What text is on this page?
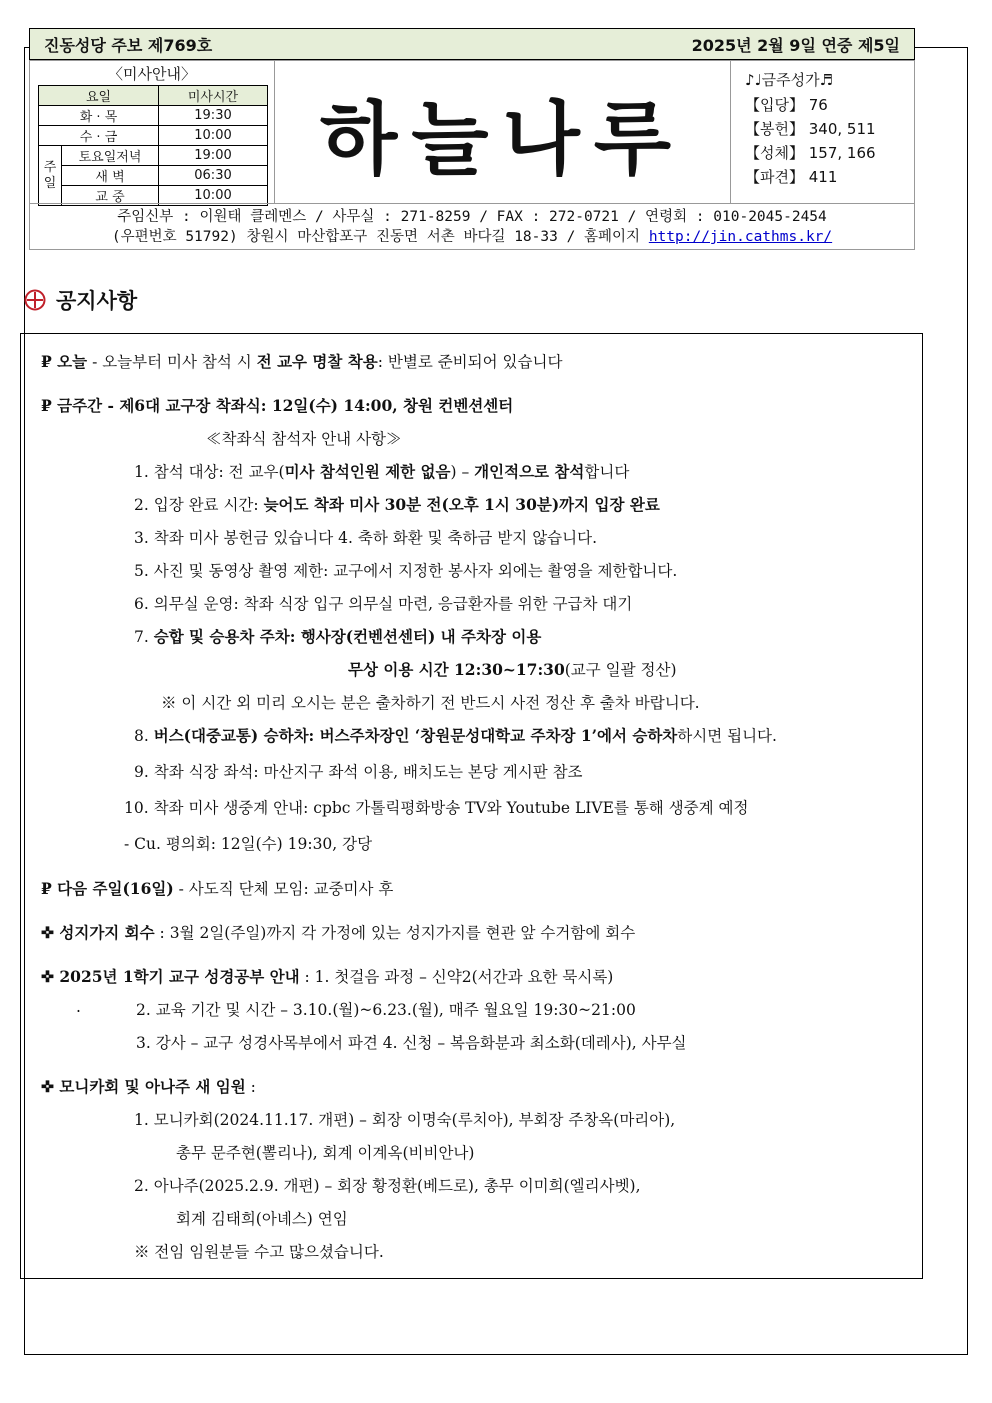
진동성당 주보 제769호	2025년 2월 9일 연중 제5일
〈미사안내〉
요일		미사시간
화 · 목		19:30
수 · 금		10:00
주일	토요일저녁	19:00
	새 벽	06:30
	교 중	10:00
하늘나루
♪♩금주성가♬
【입당】 76
【봉헌】 340, 511
【성체】 157, 166
【파견】 411
주임신부 : 이원태 클레멘스 / 사무실 : 271-8259 / FAX : 272-0721 / 연령회 : 010-2045-2454
(우편번호 51792) 창원시 마산합포구 진동면 서촌 바다길 18-33 / 홈페이지 http://jin.cathms.kr/
공지사항
₽ 오늘 - 오늘부터 미사 참석 시 전 교우 명찰 착용: 반별로 준비되어 있습니다
₽ 금주간 - 제6대 교구장 착좌식: 12일(수) 14:00, 창원 컨벤션센터
≪착좌식 참석자 안내 사항≫
1. 참석 대상: 전 교우(미사 참석인원 제한 없음) – 개인적으로 참석합니다
2. 입장 완료 시간: 늦어도 착좌 미사 30분 전(오후 1시 30분)까지 입장 완료
3. 착좌 미사 봉헌금 있습니다 4. 축하 화환 및 축하금 받지 않습니다.
5. 사진 및 동영상 촬영 제한: 교구에서 지정한 봉사자 외에는 촬영을 제한합니다.
6. 의무실 운영: 착좌 식장 입구 의무실 마련, 응급환자를 위한 구급차 대기
7. 승합 및 승용차 주차: 행사장(컨벤션센터) 내 주차장 이용
무상 이용 시간 12:30~17:30(교구 일괄 정산)
※ 이 시간 외 미리 오시는 분은 출차하기 전 반드시 사전 정산 후 출차 바랍니다.
8. 버스(대중교통) 승하차: 버스주차장인 ‘창원문성대학교 주차장 1’에서 승하차하시면 됩니다.
9. 착좌 식장 좌석: 마산지구 좌석 이용, 배치도는 본당 게시판 참조
10. 착좌 미사 생중계 안내: cpbc 가톨릭평화방송 TV와 Youtube LIVE를 통해 생중계 예정
- Cu. 평의회: 12일(수) 19:30, 강당
₽ 다음 주일(16일) - 사도직 단체 모임: 교중미사 후
✜ 성지가지 회수 : 3월 2일(주일)까지 각 가정에 있는 성지가지를 현관 앞 수거함에 회수
✜ 2025년 1학기 교구 성경공부 안내 : 1. 첫걸음 과정 – 신약2(서간과 요한 묵시록)
.	2. 교육 기간 및 시간 – 3.10.(월)~6.23.(월), 매주 월요일 19:30~21:00
3. 강사 – 교구 성경사목부에서 파견 4. 신청 – 복음화분과 최소화(데레사), 사무실
✜ 모니카회 및 아나주 새 임원 :
1. 모니카회(2024.11.17. 개편) – 회장 이명숙(루치아), 부회장 주창옥(마리아),
총무 문주현(뽈리나), 회계 이계옥(비비안나)
2. 아나주(2025.2.9. 개편) – 회장 황정환(베드로), 총무 이미희(엘리사벳),
회계 김태희(아녜스) 연임
※ 전임 임원분들 수고 많으셨습니다.
